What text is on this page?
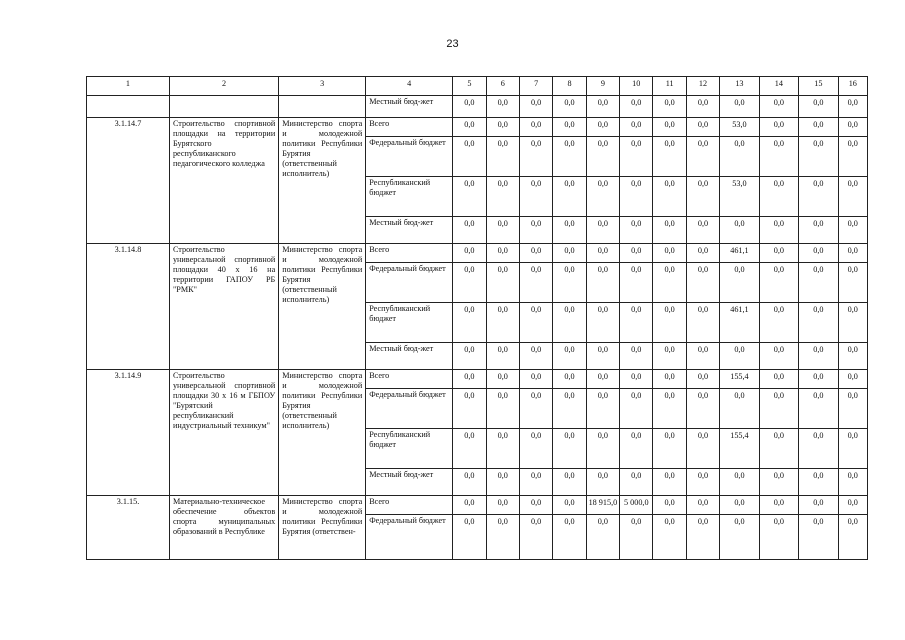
23
1	2	3	4	5	6	7	8	9	10	11	12	13	14	15	16
			Местный бюд-жет	0,0	0,0	0,0	0,0	0,0	0,0	0,0	0,0	0,0	0,0	0,0	0,0
3.1.14.7	Строительство спортивной площадки на территории Бурятского республиканского педагогического колледжа	Министерство спорта и молодежной политики Республики Бурятия (ответственный исполнитель)	Всего	0,0	0,0	0,0	0,0	0,0	0,0	0,0	0,0	53,0	0,0	0,0	0,0
			Федеральный бюджет	0,0	0,0	0,0	0,0	0,0	0,0	0,0	0,0	0,0	0,0	0,0	0,0
			Республиканский бюджет	0,0	0,0	0,0	0,0	0,0	0,0	0,0	0,0	53,0	0,0	0,0	0,0
			Местный бюд-жет	0,0	0,0	0,0	0,0	0,0	0,0	0,0	0,0	0,0	0,0	0,0	0,0
3.1.14.8	Строительство универсальной спортивной площадки 40 х 16 на территории ГАПОУ РБ "РМК"	Министерство спорта и молодежной политики Республики Бурятия (ответственный исполнитель)	Всего	0,0	0,0	0,0	0,0	0,0	0,0	0,0	0,0	461,1	0,0	0,0	0,0
			Федеральный бюджет	0,0	0,0	0,0	0,0	0,0	0,0	0,0	0,0	0,0	0,0	0,0	0,0
			Республиканский бюджет	0,0	0,0	0,0	0,0	0,0	0,0	0,0	0,0	461,1	0,0	0,0	0,0
			Местный бюд-жет	0,0	0,0	0,0	0,0	0,0	0,0	0,0	0,0	0,0	0,0	0,0	0,0
3.1.14.9	Строительство универсальной спортивной площадки 30 х 16 м ГБПОУ "Бурятский республиканский индустриальный техникум"	Министерство спорта и молодежной политики Республики Бурятия (ответственный исполнитель)	Всего	0,0	0,0	0,0	0,0	0,0	0,0	0,0	0,0	155,4	0,0	0,0	0,0
			Федеральный бюджет	0,0	0,0	0,0	0,0	0,0	0,0	0,0	0,0	0,0	0,0	0,0	0,0
			Республиканский бюджет	0,0	0,0	0,0	0,0	0,0	0,0	0,0	0,0	155,4	0,0	0,0	0,0
			Местный бюд-жет	0,0	0,0	0,0	0,0	0,0	0,0	0,0	0,0	0,0	0,0	0,0	0,0
3.1.15.	Материально-техническое обеспечение объектов спорта муниципальных образований в Республике	Министерство спорта и молодежной политики Республики Бурятия (ответствен-	Всего	0,0	0,0	0,0	0,0	18 915,0	5 000,0	0,0	0,0	0,0	0,0	0,0	0,0
			Федеральный бюджет	0,0	0,0	0,0	0,0	0,0	0,0	0,0	0,0	0,0	0,0	0,0	0,0
